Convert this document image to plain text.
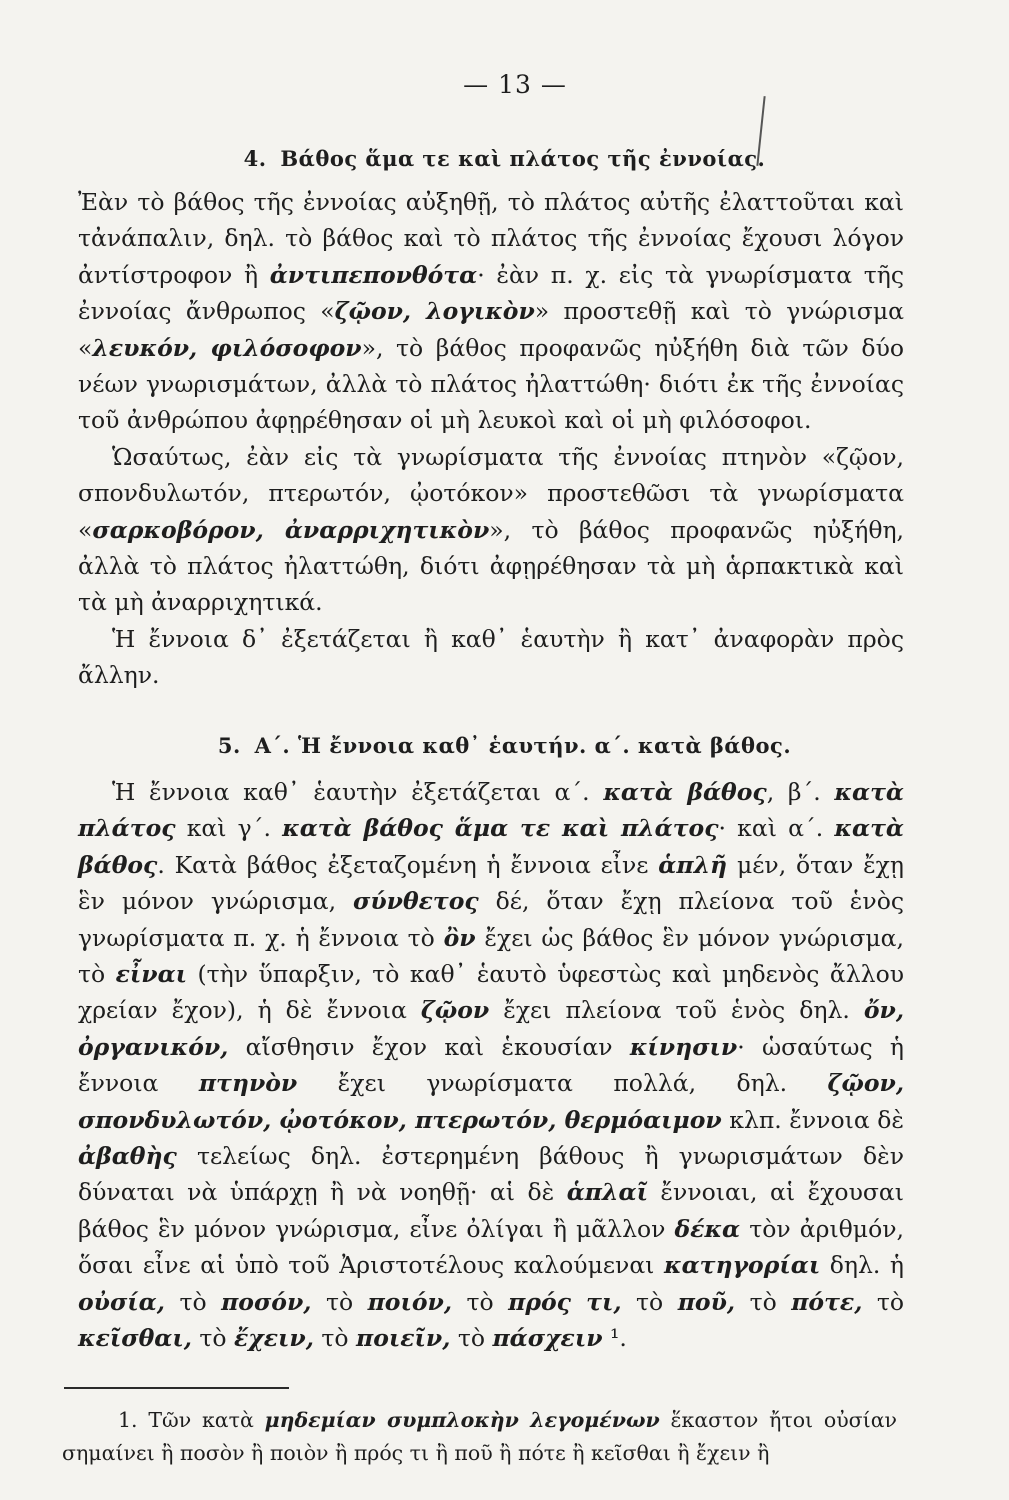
— 13 —
4. Βάθος ἅμα τε καὶ πλάτος τῆς ἐννοίας.

Ἐὰν τὸ βάθος τῆς ἐννοίας αὐξηθῇ, τὸ πλάτος αὐτῆς ἐλαττοῦται καὶ τἀνάπαλιν, δηλ. τὸ βάθος καὶ τὸ πλάτος τῆς ἐννοίας ἔχουσι λόγον ἀντίστροφον ἢ ἀντιπεπονθότα· ἐὰν π. χ. εἰς τὰ γνωρίσματα τῆς ἐννοίας ἄνθρωπος «ζῷον, λογικὸν» προστεθῇ καὶ τὸ γνώρισμα «λευκόν, φιλόσοφον», τὸ βάθος προφανῶς ηὐξήθη διὰ τῶν δύο νέων γνωρισμάτων, ἀλλὰ τὸ πλάτος ἠλαττώθη· διότι ἐκ τῆς ἐννοίας τοῦ ἀνθρώπου ἀφῃρέθησαν οἱ μὴ λευκοὶ καὶ οἱ μὴ φιλόσοφοι.

Ὡσαύτως, ἐὰν εἰς τὰ γνωρίσματα τῆς ἐννοίας πτηνὸν «ζῷον, σπονδυλωτόν, πτερωτόν, ᾠοτόκον» προστεθῶσι τὰ γνωρίσματα «σαρκοβόρον, ἀναρριχητικὸν», τὸ βάθος προφανῶς ηὐξήθη, ἀλλὰ τὸ πλάτος ἠλαττώθη, διότι ἀφῃρέθησαν τὰ μὴ ἁρπακτικὰ καὶ τὰ μὴ ἀναρριχητικά.

Ἡ ἔννοια δ᾽ ἐξετάζεται ἢ καθ᾽ ἑαυτὴν ἢ κατ᾽ ἀναφορὰν πρὸς ἄλλην.

5. Α΄. Ἡ ἔννοια καθ᾽ ἑαυτήν. α΄. κατὰ βάθος.

Ἡ ἔννοια καθ᾽ ἑαυτὴν ἐξετάζεται α΄. κατὰ βάθος, β΄. κατὰ πλάτος καὶ γ΄. κατὰ βάθος ἅμα τε καὶ πλάτος· καὶ α΄. κατὰ βάθος. Κατὰ βάθος ἐξεταζομένη ἡ ἔννοια εἶνε ἁπλῆ μέν, ὅταν ἔχῃ ἓν μόνον γνώρισμα, σύνθετος δέ, ὅταν ἔχῃ πλείονα τοῦ ἑνὸς γνωρίσματα π. χ. ἡ ἔννοια τὸ ὂν ἔχει ὡς βάθος ἓν μόνον γνώρισμα, τὸ εἶναι (τὴν ὕπαρξιν, τὸ καθ᾽ ἑαυτὸ ὑφεστὼς καὶ μηδενὸς ἄλλου χρείαν ἔχον), ἡ δὲ ἔννοια ζῷον ἔχει πλείονα τοῦ ἑνὸς δηλ. ὄν, ὀργανικόν, αἴσθησιν ἔχον καὶ ἑκουσίαν κίνησιν· ὡσαύτως ἡ ἔννοια πτηνὸν ἔχει γνωρίσματα πολλά, δηλ. ζῷον, σπονδυλωτόν, ᾠοτόκον, πτερωτόν, θερμόαιμον κλπ. ἔννοια δὲ ἀβαθὴς τελείως δηλ. ἐστερημένη βάθους ἢ γνωρισμάτων δὲν δύναται νὰ ὑπάρχῃ ἢ νὰ νοηθῇ· αἱ δὲ ἁπλαῖ ἔννοιαι, αἱ ἔχουσαι βάθος ἓν μόνον γνώρισμα, εἶνε ὀλίγαι ἢ μᾶλλον δέκα τὸν ἀριθμόν, ὅσαι εἶνε αἱ ὑπὸ τοῦ Ἀριστοτέλους καλούμεναι κατηγορίαι δηλ. ἡ οὐσία, τὸ ποσόν, τὸ ποιόν, τὸ πρός τι, τὸ ποῦ, τὸ πότε, τὸ κεῖσθαι, τὸ ἔχειν, τὸ ποιεῖν, τὸ πάσχειν ¹.

1. Τῶν κατὰ μηδεμίαν συμπλοκὴν λεγομένων ἕκαστον ἤτοι οὐσίαν σημαίνει ἢ ποσὸν ἢ ποιὸν ἢ πρός τι ἢ ποῦ ἢ πότε ἢ κεῖσθαι ἢ ἔχειν ἢ
